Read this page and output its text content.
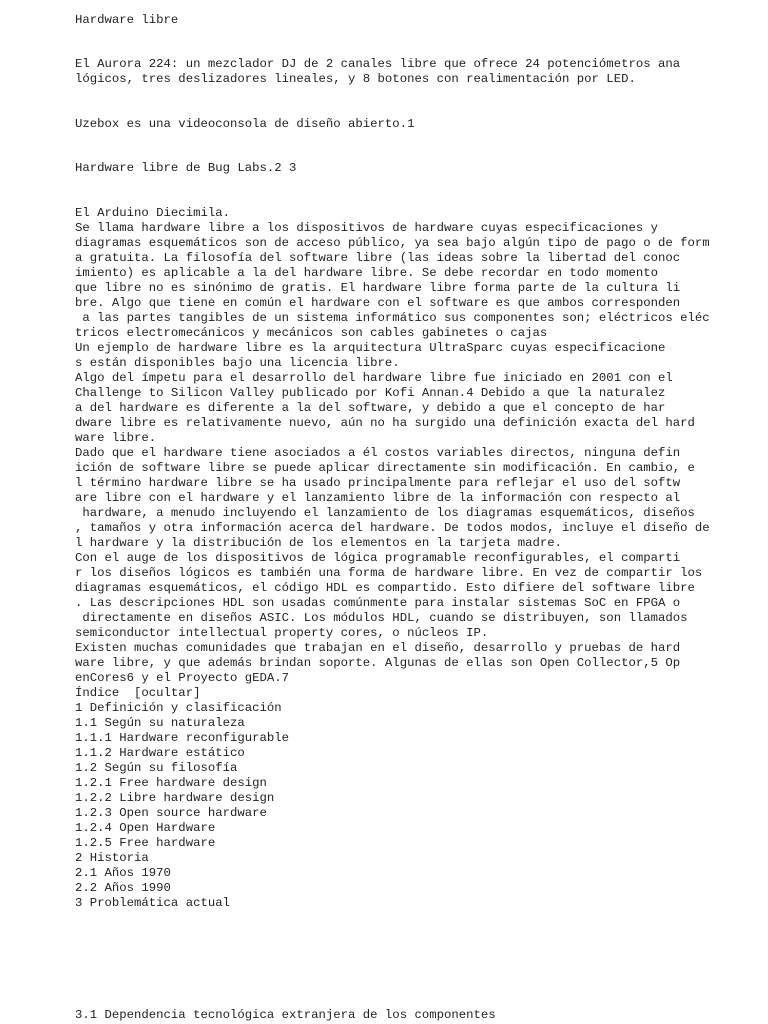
Hardware libre

El Aurora 224: un mezclador DJ de 2 canales libre que ofrece 24 potenciómetros ana

lógicos, tres deslizadores lineales, y 8 botones con realimentación por LED.

Uzebox es una videoconsola de diseño abierto.1

Hardware libre de Bug Labs.2 3

El Arduino Diecimila.

Se llama hardware libre a los dispositivos de hardware cuyas especificaciones y

diagramas esquemáticos son de acceso público, ya sea bajo algún tipo de pago o de form

a gratuita. La filosofía del software libre (las ideas sobre la libertad del conoc

imiento) es aplicable a la del hardware libre. Se debe recordar en todo momento

que libre no es sinónimo de gratis. El hardware libre forma parte de la cultura li

bre. Algo que tiene en común el hardware con el software es que ambos corresponden

a las partes tangibles de un sistema informático sus componentes son; eléctricos eléc

tricos electromecánicos y mecánicos son cables gabinetes o cajas

Un ejemplo de hardware libre es la arquitectura UltraSparc cuyas especificacione

s están disponibles bajo una licencia libre.

Algo del ímpetu para el desarrollo del hardware libre fue iniciado en 2001 con el

Challenge to Silicon Valley publicado por Kofi Annan.4 Debido a que la naturalez

a del hardware es diferente a la del software, y debido a que el concepto de har

dware libre es relativamente nuevo, aún no ha surgido una definición exacta del hard

ware libre.

Dado que el hardware tiene asociados a él costos variables directos, ninguna defin

ición de software libre se puede aplicar directamente sin modificación. En cambio, e

l término hardware libre se ha usado principalmente para reflejar el uso del softw

are libre con el hardware y el lanzamiento libre de la información con respecto al

hardware, a menudo incluyendo el lanzamiento de los diagramas esquemáticos, diseños

, tamaños y otra información acerca del hardware. De todos modos, incluye el diseño de

l hardware y la distribución de los elementos en la tarjeta madre.

Con el auge de los dispositivos de lógica programable reconfigurables, el comparti

r los diseños lógicos es también una forma de hardware libre. En vez de compartir los

diagramas esquemáticos, el código HDL es compartido. Esto difiere del software libre

. Las descripciones HDL son usadas comúnmente para instalar sistemas SoC en FPGA o

directamente en diseños ASIC. Los módulos HDL, cuando se distribuyen, son llamados

semiconductor intellectual property cores, o núcleos IP.

Existen muchas comunidades que trabajan en el diseño, desarrollo y pruebas de hard

ware libre, y que además brindan soporte. Algunas de ellas son Open Collector,5 Op

enCores6 y el Proyecto gEDA.7

Índice  [ocultar]

1 Definición y clasificación

1.1 Según su naturaleza

1.1.1 Hardware reconfigurable

1.1.2 Hardware estático

1.2 Según su filosofía

1.2.1 Free hardware design

1.2.2 Libre hardware design

1.2.3 Open source hardware

1.2.4 Open Hardware

1.2.5 Free hardware

2 Historia

2.1 Años 1970

2.2 Años 1990

3 Problemática actual

3.1 Dependencia tecnológica extranjera de los componentes
